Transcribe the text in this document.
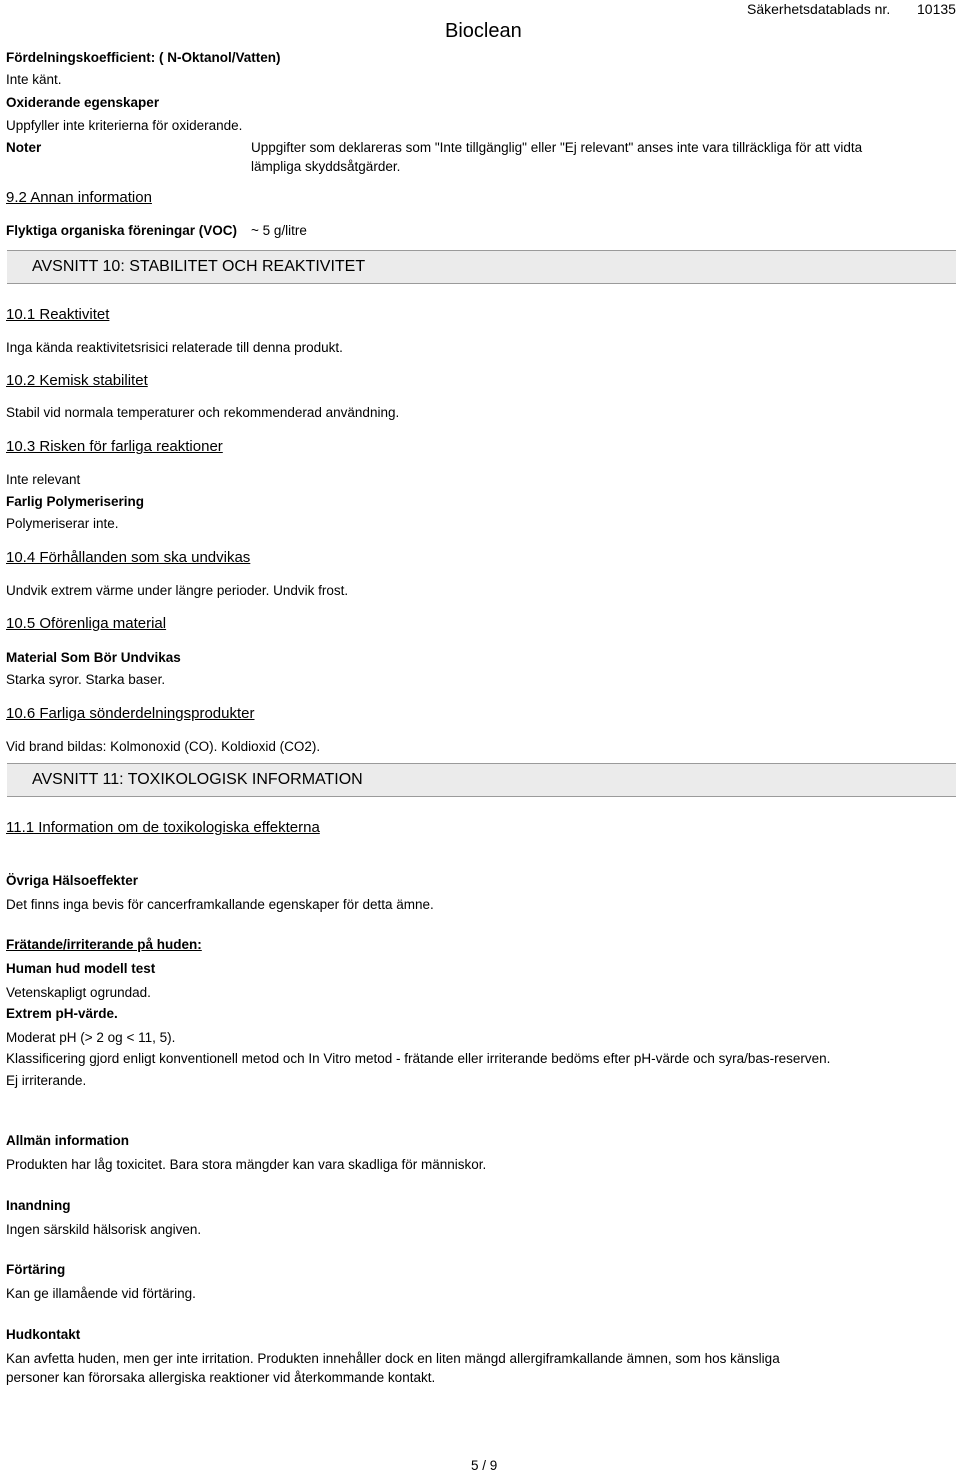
Bioclean
Säkerhetsdatablads nr. 10135
Fördelningskoefficient: ( N-Oktanol/Vatten)
Inte känt.
Oxiderande egenskaper
Uppfyller inte kriterierna för oxiderande.
Noter	Uppgifter som deklareras som "Inte tillgänglig" eller "Ej relevant" anses inte vara tillräckliga för att vidta
lämpliga skyddsåtgärder.
9.2 Annan information
Flyktiga organiska föreningar (VOC) ~ 5 g/litre
AVSNITT 10: STABILITET OCH REAKTIVITET
10.1 Reaktivitet
Inga kända reaktivitetsrisici relaterade till denna produkt.
10.2 Kemisk stabilitet
Stabil vid normala temperaturer och rekommenderad användning.
10.3 Risken för farliga reaktioner
Inte relevant
Farlig Polymerisering
Polymeriserar inte.
10.4 Förhållanden som ska undvikas
Undvik extrem värme under längre perioder. Undvik frost.
10.5 Oförenliga material
Material Som Bör Undvikas
Starka syror. Starka baser.
10.6 Farliga sönderdelningsprodukter
Vid brand bildas: Kolmonoxid (CO). Koldioxid (CO2).
AVSNITT 11: TOXIKOLOGISK INFORMATION
11.1 Information om de toxikologiska effekterna
Övriga Hälsoeffekter
Det finns inga bevis för cancerframkallande egenskaper för detta ämne.
Frätande/irriterande på huden:
Human hud modell test
Vetenskapligt ogrundad.
Extrem pH-värde.
Moderat pH (> 2 og < 11, 5).
Klassificering gjord enligt konventionell metod och In Vitro metod - frätande eller irriterande bedöms efter pH-värde och syra/bas-reserven.
Ej irriterande.
Allmän information
Produkten har låg toxicitet. Bara stora mängder kan vara skadliga för människor.
Inandning
Ingen särskild hälsorisk angiven.
Förtäring
Kan ge illamående vid förtäring.
Hudkontakt
Kan avfetta huden, men ger inte irritation. Produkten innehåller dock en liten mängd allergiframkallande ämnen, som hos känsliga
personer kan förorsaka allergiska reaktioner vid återkommande kontakt.
5 / 9
